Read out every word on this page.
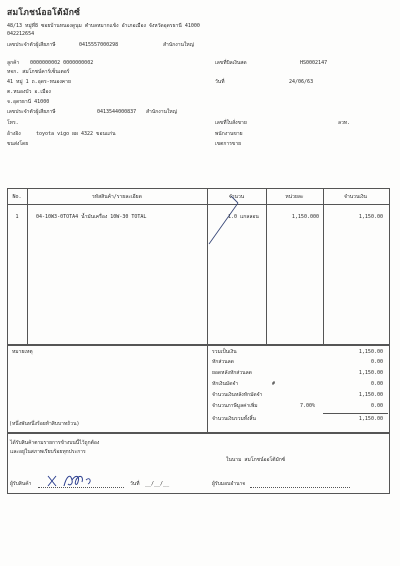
สมโภชน์ออโต้มักซ์
48/13 หมู่ที่8 ซอยบ้านหนองดูนุม ตำบลหมากแข้ง อำเภอเมือง จังหวัดอุดรธานี 41000
042212654
เลขประจำตัวผู้เสียภาษี	0415557000298	สำนักงานใหญ่
ลูกค้า 0000000002 0000000002
หจก. สมโภชน์คาร์เซ็นเตอร์
41 หมู่ 1 ถ.อุดร-หนองคาย
ต.หนองบัว อ.เมือง
จ.อุดรธานี 41000
เลขประจำตัวผู้เสียภาษี	0413544000837 สำนักงานใหญ่
โทร.
อ้างอิง	toyota vigo ผผ 4322 ขอนแก่น
ขนส่งโดย
เลขที่บิลเงินสด	HS0002147
วันที่	24/06/63
เลขที่ใบสั่งขาย	ลวท.
พนักงานขาย
เขตการขาย
No.	รหัสสินค้า/รายละเอียด	จำนวน	หน่วยละ	จำนวนเงิน
1	04-10W3-0TOTA4 น้ำมันเครื่อง 10W-30 TOTAL	1.0 แกลลอน	1,150.000	1,150.00
หมายเหตุ
(หนึ่งพันหนึ่งร้อยห้าสิบบาทถ้วน)
รวมเป็นเงิน	1,150.00
หักส่วนลด	0.00
ยอดหลังหักส่วนลด	1,150.00
หักเงินมัดจำ	#	0.00
จำนวนเงินหลังหักมัดจำ	1,150.00
จำนวนภาษีมูลค่าเพิ่ม	7.00%	0.00
จำนวนเงินรวมทั้งสิ้น	1,150.00
ได้รับสินค้าตามรายการข้างบนนี้ไว้ถูกต้อง
และอยู่ในสภาพเรียบร้อยทุกประการ
ในนาม สมโภชน์ออโต้มักซ์
ผู้รับสินค้า	วันที่ __/__/__	ผู้รับมอบอำนาจ
